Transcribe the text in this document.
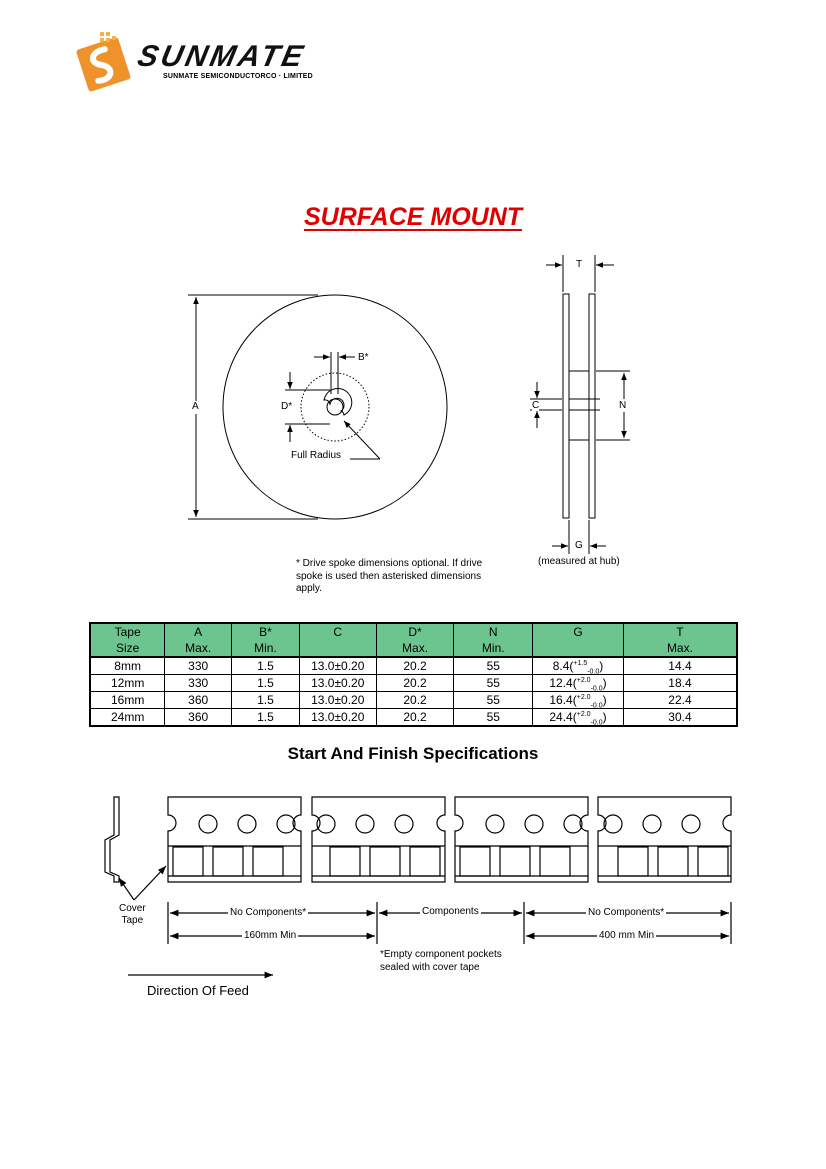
SUNMATE
SUNMATE SEMICONDUCTORCO · LIMITED
SURFACE MOUNT
A
B*
D*
Full Radius
T
C	N
G
(measured at hub)
* Drive spoke dimensions optional. If drive spoke is used then asterisked dimensions apply.
Tape	A	B*	C	D*	N	G	T
Size	Max.	Min.		Max.	Min.		Max.
8mm	330	1.5	13.0±0.20	20.2	55	8.4($^{+1.5}_{-0.0}$)	14.4
12mm	330	1.5	13.0±0.20	20.2	55	12.4($^{+2.0}_{-0.0}$)	18.4
16mm	360	1.5	13.0±0.20	20.2	55	16.4($^{+2.0}_{-0.0}$)	22.4
24mm	360	1.5	13.0±0.20	20.2	55	24.4($^{+2.0}_{-0.0}$)	30.4
Start And Finish Specifications
Cover
Tape
No Components*	Components	No Components*
160mm Min	400 mm Min
*Empty component pockets
sealed with cover tape
Direction Of Feed
